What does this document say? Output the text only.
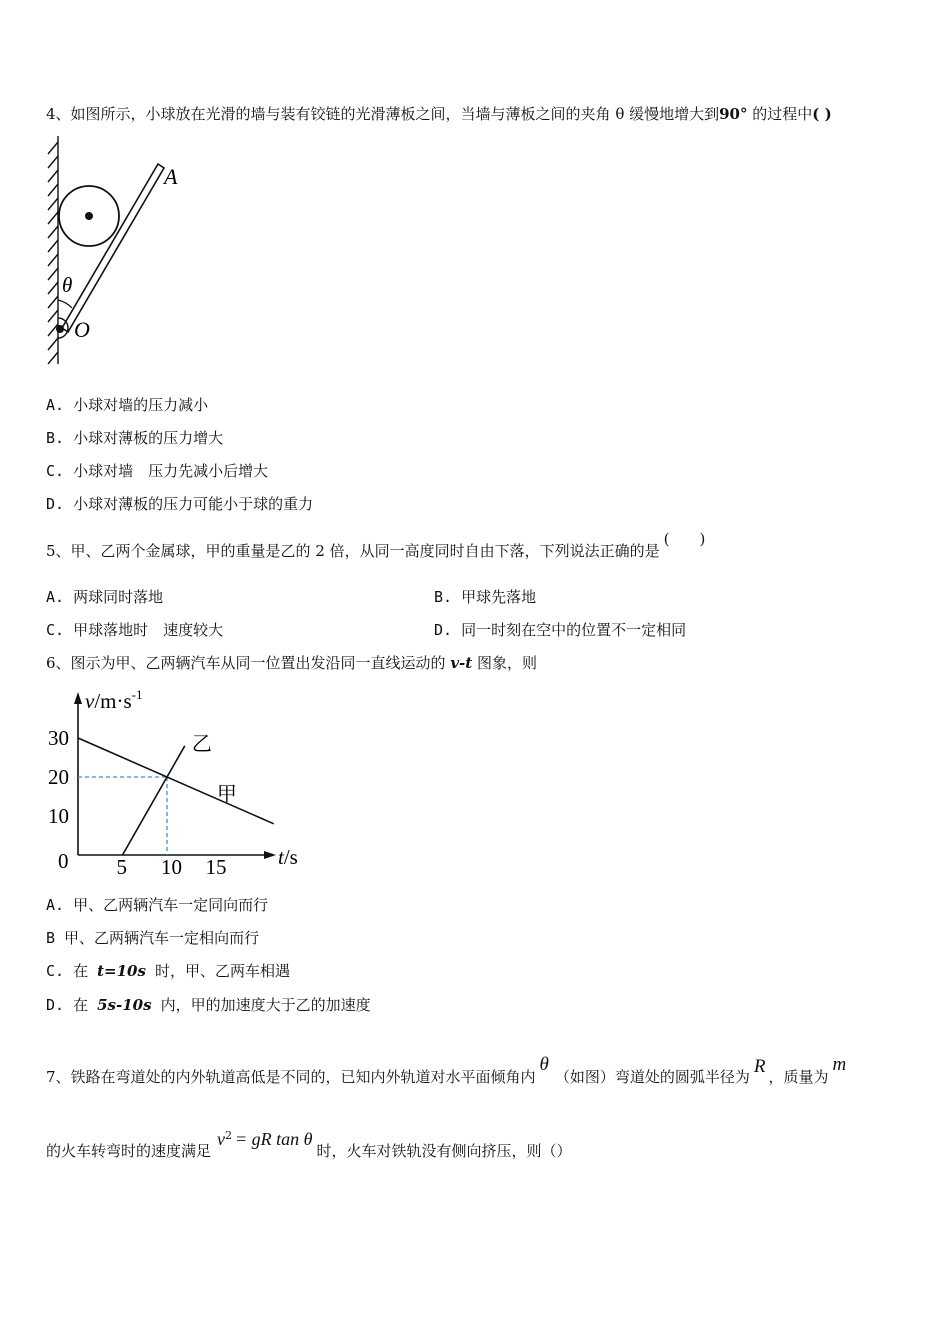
4、如图所示，小球放在光滑的墙与装有铰链的光滑薄板之间，当墙与薄板之间的夹角 θ 缓慢地增大到90° 的过程中( )
A
θ
O
A. 小球对墙的压力减小
B. 小球对薄板的压力增大
C. 小球对墙　压力先减小后增大
D. 小球对薄板的压力可能小于球的重力
5、甲、乙两个金属球，甲的重量是乙的 2 倍，从同一高度同时自由下落，下列说法正确的是(　　)
A. 两球同时落地	B. 甲球先落地
C. 甲球落地时　速度较大	D. 同一时刻在空中的位置不一定相同
6、图示为甲、乙两辆汽车从同一位置出发沿同一直线运动的 v-t 图象，则
$v/m\cdot s^{-1}$
t/s
0 5 10 15
10
20
30
甲
乙
A. 甲、乙两辆汽车一定同向而行
B 甲、乙两辆汽车一定相向而行
C. 在 t=10s 时，甲、乙两车相遇
D. 在 5s-10s 内，甲的加速度大于乙的加速度
7、铁路在弯道处的内外轨道高低是不同的，已知内外轨道对水平面倾角内θ（如图）弯道处的圆弧半径为 R ，质量为m
的火车转弯时的速度满足$v^2$ = gR tan θ时，火车对铁轨没有侧向挤压，则（）
